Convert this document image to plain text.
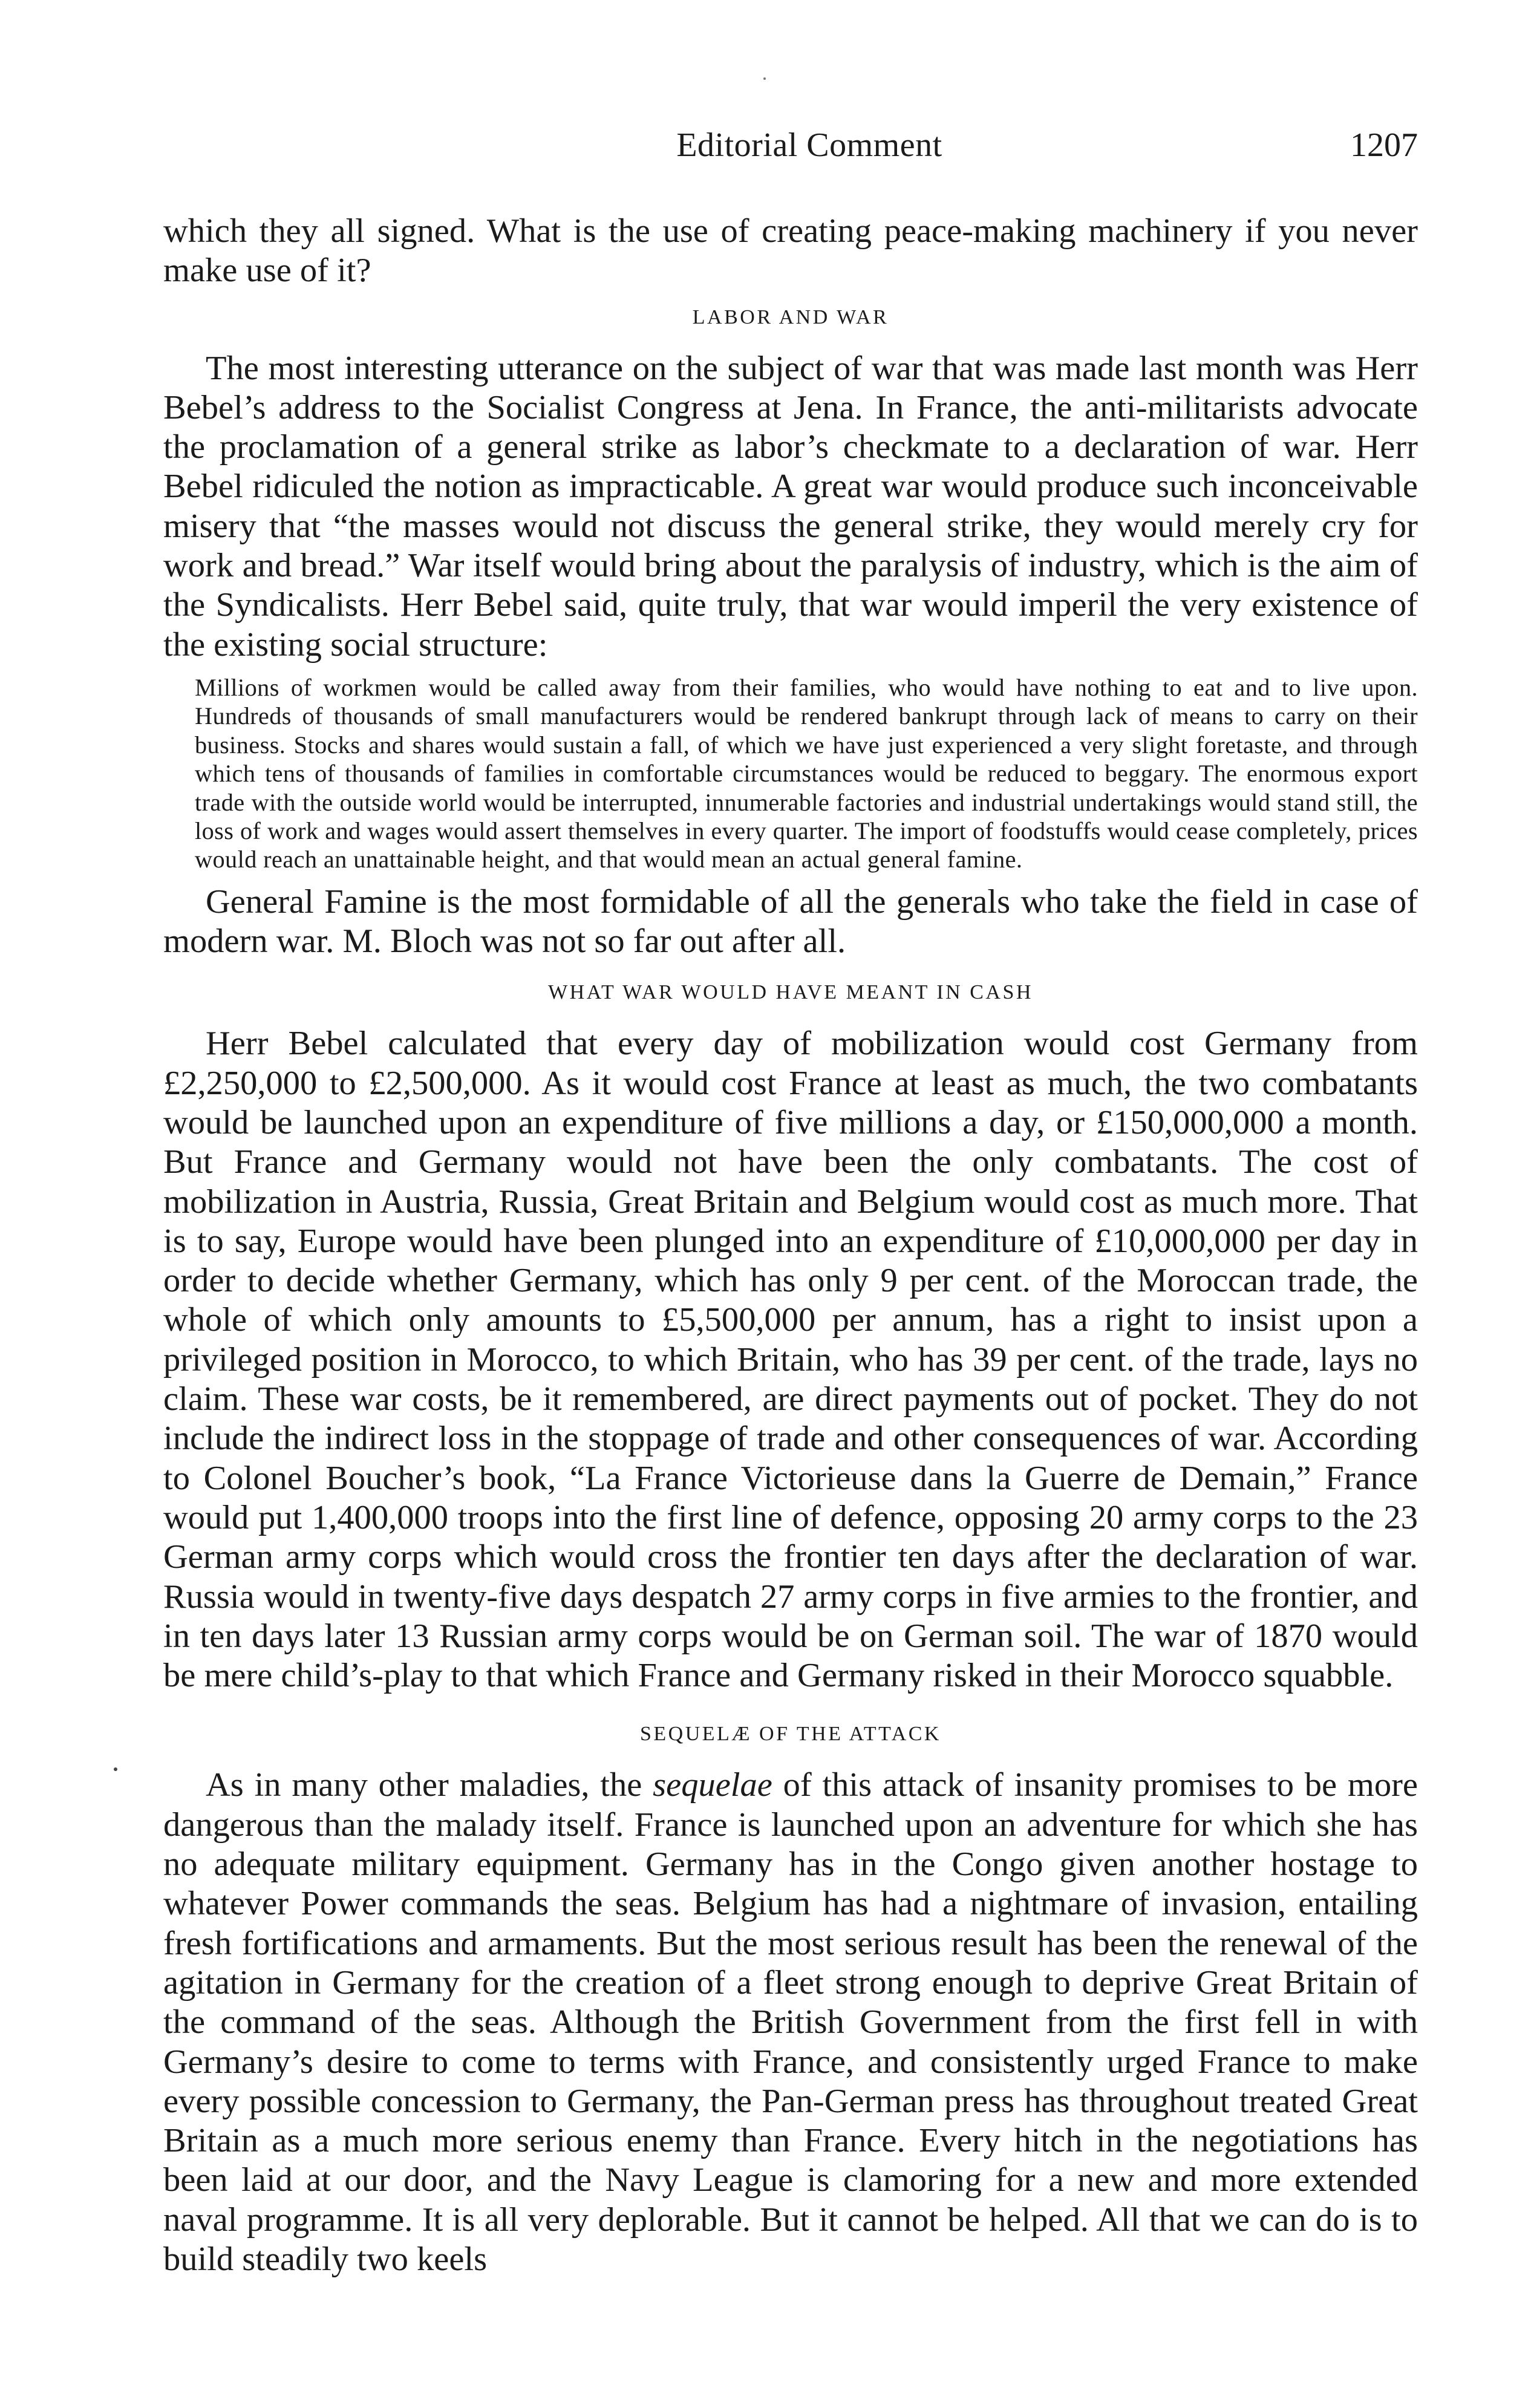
Editorial Comment	1207

which they all signed. What is the use of creating peace-making machinery if you never make use of it?

LABOR AND WAR

The most interesting utterance on the subject of war that was made last month was Herr Bebel’s address to the Socialist Congress at Jena. In France, the anti-militarists advocate the proclamation of a general strike as labor’s checkmate to a declaration of war. Herr Bebel ridiculed the notion as impracticable. A great war would produce such inconceivable misery that “the masses would not discuss the general strike, they would merely cry for work and bread.” War itself would bring about the paralysis of industry, which is the aim of the Syndicalists. Herr Bebel said, quite truly, that war would imperil the very existence of the existing social structure:

Millions of workmen would be called away from their families, who would have nothing to eat and to live upon. Hundreds of thousands of small manufacturers would be rendered bankrupt through lack of means to carry on their business. Stocks and shares would sustain a fall, of which we have just experienced a very slight foretaste, and through which tens of thousands of families in comfortable circumstances would be reduced to beggary. The enormous export trade with the outside world would be interrupted, innumerable factories and industrial undertakings would stand still, the loss of work and wages would assert themselves in every quarter. The import of foodstuffs would cease completely, prices would reach an unattainable height, and that would mean an actual general famine.

General Famine is the most formidable of all the generals who take the field in case of modern war. M. Bloch was not so far out after all.

WHAT WAR WOULD HAVE MEANT IN CASH

Herr Bebel calculated that every day of mobilization would cost Germany from £2,250,000 to £2,500,000. As it would cost France at least as much, the two combatants would be launched upon an expenditure of five millions a day, or £150,000,000 a month. But France and Germany would not have been the only combatants. The cost of mobilization in Austria, Russia, Great Britain and Belgium would cost as much more. That is to say, Europe would have been plunged into an expenditure of £10,000,000 per day in order to decide whether Germany, which has only 9 per cent. of the Moroccan trade, the whole of which only amounts to £5,500,000 per annum, has a right to insist upon a privileged position in Morocco, to which Britain, who has 39 per cent. of the trade, lays no claim. These war costs, be it remembered, are direct payments out of pocket. They do not include the indirect loss in the stoppage of trade and other consequences of war. According to Colonel Boucher’s book, “La France Victorieuse dans la Guerre de Demain,” France would put 1,400,000 troops into the first line of defence, opposing 20 army corps to the 23 German army corps which would cross the frontier ten days after the declaration of war. Russia would in twenty-five days despatch 27 army corps in five armies to the frontier, and in ten days later 13 Russian army corps would be on German soil. The war of 1870 would be mere child’s-play to that which France and Germany risked in their Morocco squabble.

SEQUELÆ OF THE ATTACK

As in many other maladies, the sequelae of this attack of insanity promises to be more dangerous than the malady itself. France is launched upon an adventure for which she has no adequate military equipment. Germany has in the Congo given another hostage to whatever Power commands the seas. Belgium has had a nightmare of invasion, entailing fresh fortifications and armaments. But the most serious result has been the renewal of the agitation in Germany for the creation of a fleet strong enough to deprive Great Britain of the command of the seas. Although the British Government from the first fell in with Germany’s desire to come to terms with France, and consistently urged France to make every possible concession to Germany, the Pan-German press has throughout treated Great Britain as a much more serious enemy than France. Every hitch in the negotiations has been laid at our door, and the Navy League is clamoring for a new and more extended naval programme. It is all very deplorable. But it cannot be helped. All that we can do is to build steadily two keels
